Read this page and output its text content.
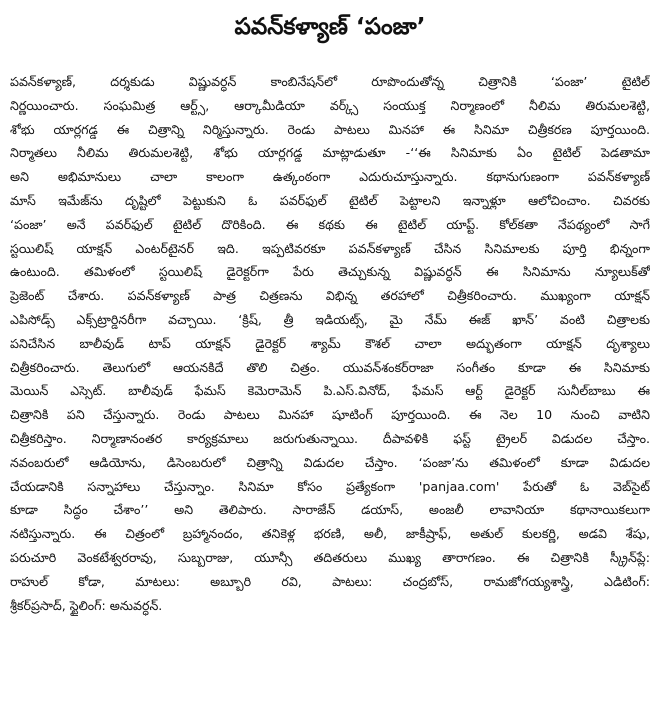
పవన్‌కళ్యాణ్‌ ‘పంజా’
పవన్‌కళ్యాణ్‌, దర్శకుడు విష్ణువర్ధన్‌ కాంబినేషన్‌లో రూపొందుతోన్న చిత్రానికి ‘పంజా’ టైటిల్‌
నిర్ణయించారు. సంఘమిత్ర ఆర్ట్స్‌, ఆర్కామీడియా వర్క్స్‌ సంయుక్త నిర్మాణంలో నీలిమ తిరుమలశెట్టి,
శోభు యార్లగడ్డ ఈ చిత్రాన్ని నిర్మిస్తున్నారు. రెండు పాటలు మినహా ఈ సినిమా చిత్రీకరణ పూర్తయింది.
నిర్మాతలు నీలిమ తిరుమలశెట్టి, శోభు యార్లగడ్డ మాట్లాడుతూ -‘‘ఈ సినిమాకు ఏం టైటిల్‌ పెడతామా
అని అభిమానులు చాలా కాలంగా ఉత్కంఠంగా ఎదురుచూస్తున్నారు. కథానుగుణంగా పవన్‌కళ్యాణ్‌
మాస్‌ ఇమేజ్‌ను దృష్టిలో పెట్టుకుని ఓ పవర్‌ఫుల్‌ టైటిల్‌ పెట్టాలని ఇన్నాళ్లూ ఆలోచించాం. చివరకు
‘పంజా’ అనే పవర్‌ఫుల్‌ టైటిల్‌ దొరికింది. ఈ కథకు ఈ టైటిల్‌ యాప్ట్‌. కోల్‌కతా నేపథ్యంలో సాగే
స్టయిలిష్‌ యాక్షన్‌ ఎంటర్‌టైనర్‌ ఇది. ఇప్పటివరకూ పవన్‌కళ్యాణ్‌ చేసిన సినిమాలకు పూర్తి భిన్నంగా
ఉంటుంది. తమిళంలో స్టయిలిష్‌ డైరెక్టర్‌గా పేరు తెచ్చుకున్న విష్ణువర్ధన్‌ ఈ సినిమాను న్యూలుక్‌తో
ప్రెజెంట్‌ చేశారు. పవన్‌కళ్యాణ్‌ పాత్ర చిత్రణను విభిన్న తరహాలో చిత్రీకరించారు. ముఖ్యంగా యాక్షన్‌
ఎపిసోడ్స్‌ ఎక్స్‌ట్రార్డినరీగా వచ్చాయి. ‘క్రిష్‌, త్రీ ఇడియట్స్‌, మై నేమ్‌ ఈజ్‌ ఖాన్‌’ వంటి చిత్రాలకు
పనిచేసిన బాలీవుడ్‌ టాప్‌ యాక్షన్‌ డైరెక్టర్‌ శ్యామ్‌ కౌశల్‌ చాలా అద్భుతంగా యాక్షన్‌ దృశ్యాలు
చిత్రీకరించారు. తెలుగులో ఆయనకిదే తొలి చిత్రం. యువన్‌శంకర్‌రాజా సంగీతం కూడా ఈ సినిమాకు
మెయిన్‌ ఎస్సెట్‌. బాలీవుడ్‌ ఫేమస్‌ కెమెరామెన్‌ పి.ఎస్‌.వినోద్‌, ఫేమస్‌ ఆర్ట్‌ డైరెక్టర్‌ సునీల్‌బాబు ఈ
చిత్రానికి పని చేస్తున్నారు. రెండు పాటలు మినహా షూటింగ్‌ పూర్తయింది. ఈ నెల 10 నుంచి వాటిని
చిత్రీకరిస్తాం. నిర్మాణానంతర కార్యక్రమాలు జరుగుతున్నాయి. దీపావళికి ఫస్ట్‌ ట్రైలర్‌ విడుదల చేస్తాం.
నవంబరులో ఆడియోను, డిసెంబరులో చిత్రాన్ని విడుదల చేస్తాం. ‘పంజా’ను తమిళంలో కూడా విడుదల
చేయడానికి సన్నాహాలు చేస్తున్నాం. సినిమా కోసం ప్రత్యేకంగా 'panjaa.com' పేరుతో ఓ వెబ్‌సైట్‌
కూడా సిద్ధం చేశాం’’ అని తెలిపారు. సారాజేన్‌ డయాస్‌, అంజలీ లావానియా కథానాయికలుగా
నటిస్తున్నారు. ఈ చిత్రంలో బ్రహ్మానందం, తనికెళ్ల భరణి, అలీ, జాకీష్రాఫ్‌, అతుల్‌ కులకర్ణి, అడవి శేషు,
పరుచూరి వెంకటేశ్వరరావు, సుబ్బరాజు, యూన్సీ తదితరులు ముఖ్య తారాగణం. ఈ చిత్రానికి స్క్రీన్‌ప్లే:
రాహుల్‌ కోడా, మాటలు: అబ్బూరి రవి, పాటలు: చంద్రబోస్‌, రామజోగయ్యశాస్త్రి, ఎడిటింగ్‌:
శ్రీకర్‌ప్రసాద్‌, స్టైలింగ్‌: అనువర్ధన్‌.
